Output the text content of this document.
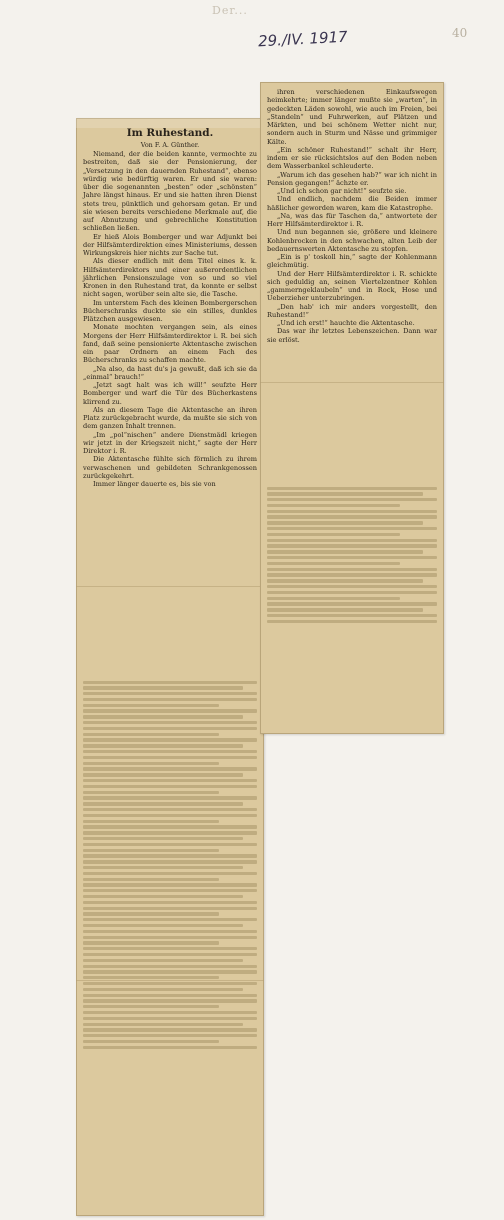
Der...
29./IV. 1917	40
Im Ruhestand.
Von F. A. Günther.

Niemand, der die beiden kannte, vermochte zu bestreiten, daß sie der Pensionierung, der „Versetzung in den dauernden Ruhestand“, ebenso würdig wie bedürftig waren. Er und sie waren: über die sogenannten „besten“ oder „schönsten“ Jahre längst hinaus. Er und sie hatten ihren Dienst stets treu, pünktlich und gehorsam getan. Er und sie wiesen bereits verschiedene Merkmale auf, die auf Abnutzung und gebrechliche Konstitution schließen ließen.

Er hieß Alois Bomberger und war Adjunkt bei der Hilfsämterdirektion eines Ministeriums, dessen Wirkungskreis hier nichts zur Sache tut.

Als dieser endlich mit dem Titel eines k. k. Hilfsämterdirektors und einer außerordentlichen jährlichen Pensionszulage von so und so viel Kronen in den Ruhestand trat, da konnte er selbst nicht sagen, worüber sein alte sie, die Tasche.

Im unterstem Fach des kleinen Bombergerschen Bücherschranks duckte sie ein stilles, dunkles Plätzchen ausgewiesen.

Monate mochten vergangen sein, als eines Morgens der Herr Hilfsämterdirektor i. R. bei sich fand, daß seine pensionierte Aktentasche zwischen ein paar Ordnern an einem Fach des Bücherschranks zu schaffen machte.

„Na also, da hast du's ja gewußt, daß ich sie da „einmal“ brauch!“

„Jetzt sagt halt was ich will!“ seufzte Herr Bomberger und warf die Tür des Bücherkastens klirrend zu.

Als an diesem Tage die Aktentasche an ihren Platz zurückgebracht wurde, da mußte sie sich von dem ganzen Inhalt trennen.

„Im „pol“nischen“ andere Dienstmädl kriegen wir jetzt in der Kriegszeit nicht,“ sagte der Herr Direktor i. R.

Die Aktentasche fühlte sich förmlich zu ihrem verwaschenen und gebildeten Schrankgenossen zurückgekehrt.

Immer länger dauerte es, bis sie von

ihren verschiedenen Einkaufswegen heimkehrte; immer länger mußte sie „warten“, in gedeckten Läden sowohl, wie auch im Freien, bei „Standeln“ und Fuhrwerken, auf Plätzen und Märkten, und bei schönem Wetter nicht nur, sondern auch in Sturm und Nässe und grimmiger Kälte.

„Ein schöner Ruhestand!“ schalt ihr Herr, indem er sie rücksichtslos auf den Boden neben dem Wasserbankel schleuderte.

„Warum ich das gesehen hab?“ war ich nicht in Pension gegangen!“ ächzte er.

„Und ich schon gar nicht!“ seufzte sie.

Und endlich, nachdem die Beiden immer häßlicher geworden waren, kam die Katastrophe.

„Na, was das für Taschen da,“ antwortete der Herr Hilfsämterdirektor i. R.

Und nun begannen sie, größere und kleinere Kohlenbrocken in den schwachen, alten Leib der bedauernswerten Aktentasche zu stopfen.

„Ein is p' toskoll hin,“ sagte der Kohlenmann gleichmütig.

Und der Herr Hilfsämterdirektor i. R. schickte sich geduldig an, seinen Viertelzentner Kohlen „gammerngeklaubeln“ und in Rock, Hose und Ueberzieher unterzubringen.

„Den hab' ich mir anders vorgestellt, den Ruhestand!“

„Und ich erst!“ hauchte die Aktentasche.

Das war ihr letztes Lebenszeichen. Dann war sie erlöst.
